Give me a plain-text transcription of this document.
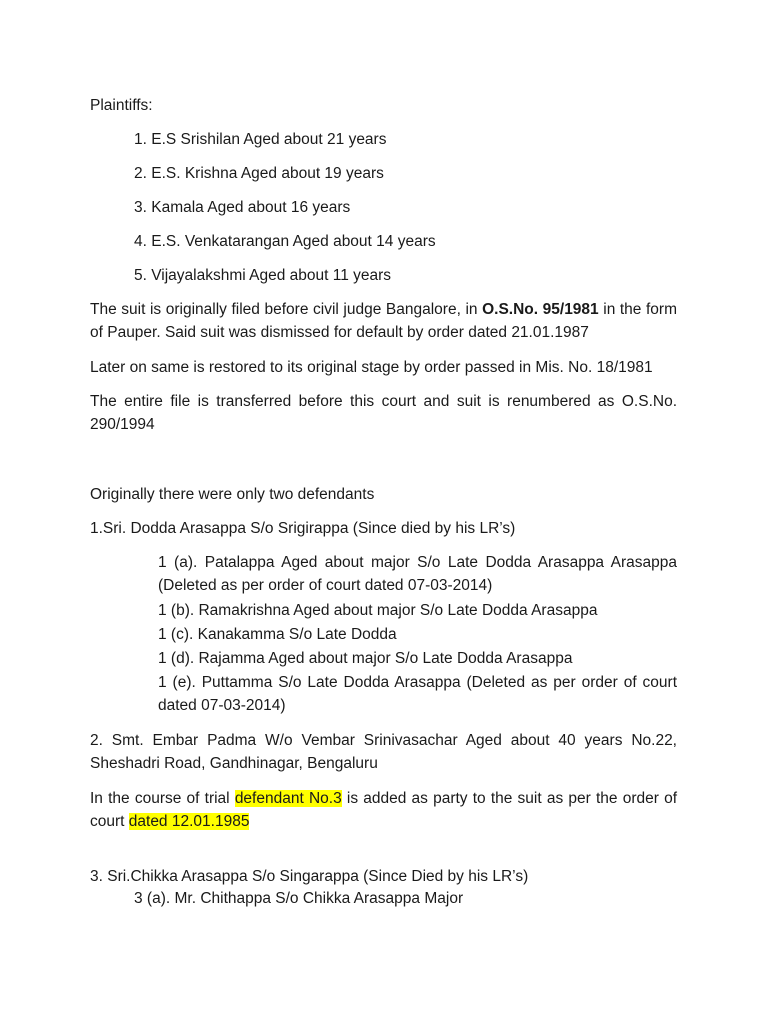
Plaintiffs:

1. E.S Srishilan Aged about 21 years

2. E.S. Krishna Aged about 19 years

3. Kamala Aged about 16 years

4. E.S. Venkatarangan Aged about 14 years

5. Vijayalakshmi Aged about 11 years

The suit is originally filed before civil judge Bangalore, in O.S.No. 95/1981 in the form of Pauper. Said suit was dismissed for default by order dated 21.01.1987

Later on same is restored to its original stage by order passed in Mis. No. 18/1981

The entire file is transferred before this court and suit is renumbered as O.S.No. 290/1994

Originally there were only two defendants

1.Sri. Dodda Arasappa S/o Srigirappa (Since died by his LR’s)

1 (a). Patalappa Aged about major S/o Late Dodda Arasappa Arasappa (Deleted as per order of court dated 07-03-2014)

1 (b). Ramakrishna Aged about major S/o Late Dodda Arasappa

1 (c). Kanakamma S/o Late Dodda

1 (d). Rajamma Aged about major S/o Late Dodda Arasappa

1 (e). Puttamma S/o Late Dodda Arasappa (Deleted as per order of court dated 07-03-2014)

2. Smt. Embar Padma W/o Vembar Srinivasachar Aged about 40 years No.22, Sheshadri Road, Gandhinagar, Bengaluru

In the course of trial defendant No.3 is added as party to the suit as per the order of court dated 12.01.1985

3. Sri.Chikka Arasappa S/o Singarappa (Since Died by his LR’s)

3 (a). Mr. Chithappa S/o Chikka Arasappa Major
